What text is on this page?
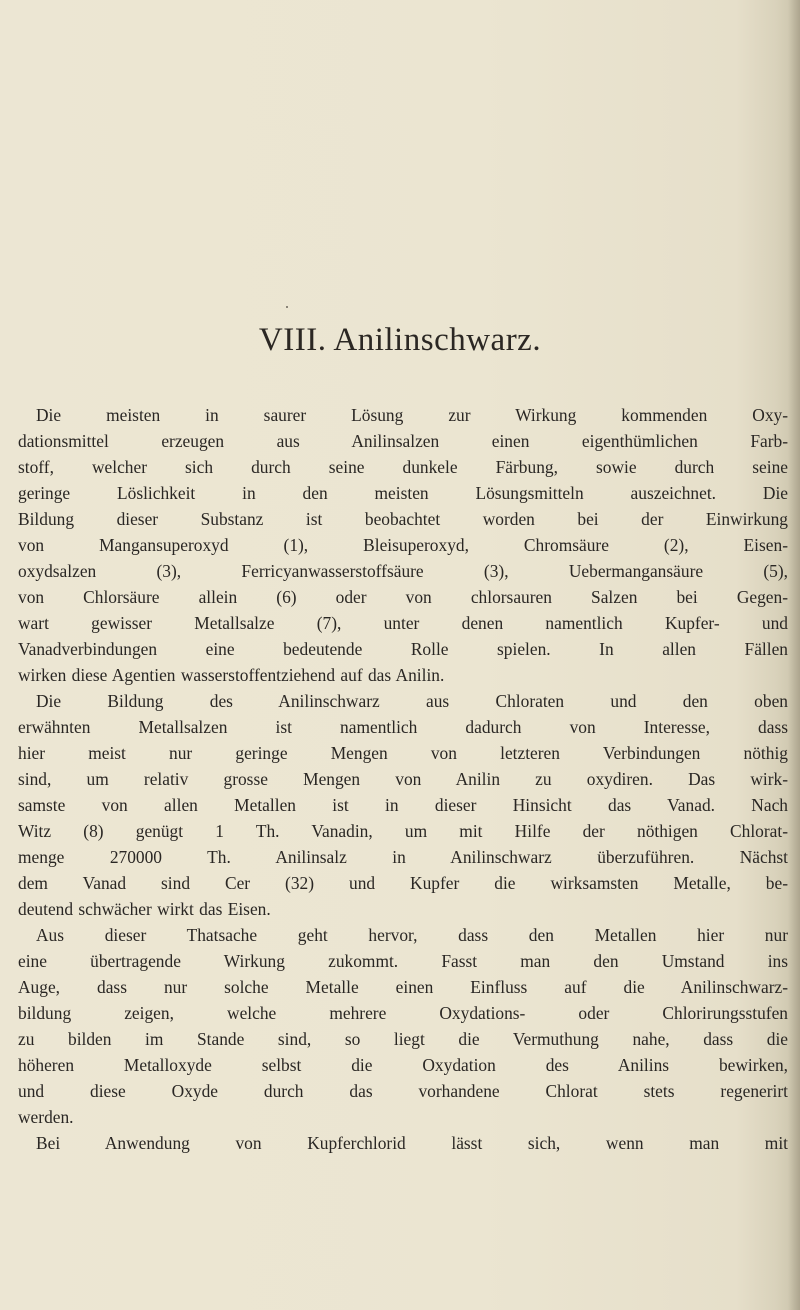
VIII. Anilinschwarz.
Die meisten in saurer Lösung zur Wirkung kommenden Oxy-
dationsmittel erzeugen aus Anilinsalzen einen eigenthümlichen Farb-
stoff, welcher sich durch seine dunkele Färbung, sowie durch seine
geringe Löslichkeit in den meisten Lösungsmitteln auszeichnet. Die
Bildung dieser Substanz ist beobachtet worden bei der Einwirkung
von Mangansuperoxyd (1), Bleisuperoxyd, Chromsäure (2), Eisen-
oxydsalzen (3), Ferricyanwasserstoffsäure (3), Uebermangansäure (5),
von Chlorsäure allein (6) oder von chlorsauren Salzen bei Gegen-
wart gewisser Metallsalze (7), unter denen namentlich Kupfer- und
Vanadverbindungen eine bedeutende Rolle spielen. In allen Fällen
wirken diese Agentien wasserstoffentziehend auf das Anilin.
Die Bildung des Anilinschwarz aus Chloraten und den oben
erwähnten Metallsalzen ist namentlich dadurch von Interesse, dass
hier meist nur geringe Mengen von letzteren Verbindungen nöthig
sind, um relativ grosse Mengen von Anilin zu oxydiren. Das wirk-
samste von allen Metallen ist in dieser Hinsicht das Vanad. Nach
Witz (8) genügt 1 Th. Vanadin, um mit Hilfe der nöthigen Chlorat-
menge 270000 Th. Anilinsalz in Anilinschwarz überzuführen. Nächst
dem Vanad sind Cer (32) und Kupfer die wirksamsten Metalle, be-
deutend schwächer wirkt das Eisen.
Aus dieser Thatsache geht hervor, dass den Metallen hier nur
eine übertragende Wirkung zukommt. Fasst man den Umstand ins
Auge, dass nur solche Metalle einen Einfluss auf die Anilinschwarz-
bildung zeigen, welche mehrere Oxydations- oder Chlorirungsstufen
zu bilden im Stande sind, so liegt die Vermuthung nahe, dass die
höheren Metalloxyde selbst die Oxydation des Anilins bewirken,
und diese Oxyde durch das vorhandene Chlorat stets regenerirt
werden.
Bei Anwendung von Kupferchlorid lässt sich, wenn man mit
